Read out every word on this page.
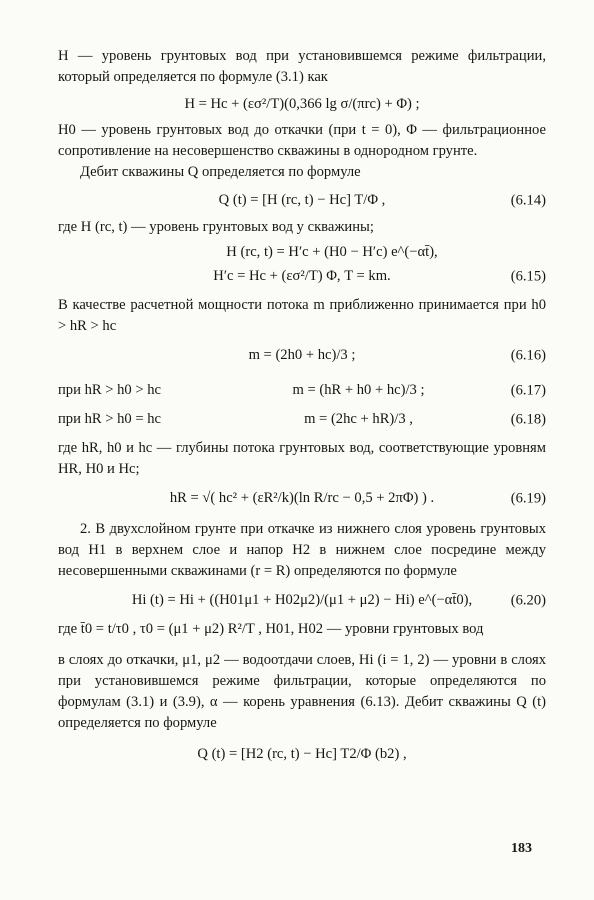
H — уровень грунтовых вод при установившемся режиме фильтрации, который определяется по формуле (3.1) как

H = Hc + (εσ²/T)(0,366 lg σ/(πrc) + Φ) ;

H0 — уровень грунтовых вод до откачки (при t = 0), Φ — фильтрационное сопротивление на несовершенство скважины в однородном грунте.

Дебит скважины Q определяется по формуле

Q (t) = [H (rc, t) − Hc] T/Φ ,	(6.14)

где H (rc, t) — уровень грунтовых вод у скважины;

H (rc, t) = H′c + (H0 − H′c) e^(−αt̄),
H′c = Hc + (εσ²/T) Φ, T = km.	(6.15)

В качестве расчетной мощности потока m приближенно принимается при h0 > hR > hc

m = (2h0 + hc)/3 ;	(6.16)
при hR > h0 > hc	m = (hR + h0 + hc)/3 ;	(6.17)
при hR > h0 = hc	m = (2hc + hR)/3 ,	(6.18)

где hR, h0 и hc — глубины потока грунтовых вод, соответствующие уровням HR, H0 и Hc;

hR = √( hc² + (εR²/k)(ln R/rc − 0,5 + 2πΦ) ) .	(6.19)

2. В двухслойном грунте при откачке из нижнего слоя уровень грунтовых вод H1 в верхнем слое и напор H2 в нижнем слое посредине между несовершенными скважинами (r = R) определяются по формуле

Hi (t) = Hi + ((H01μ1 + H02μ2)/(μ1 + μ2) − Hi) e^(−αt̄0),	(6.20)
где t̄0 = t/τ0 , τ0 = (μ1 + μ2) R²/T , H01, H02 — уровни грунтовых вод

в слоях до откачки, μ1, μ2 — водоотдачи слоев, Hi (i = 1, 2) — уровни в слоях при установившемся режиме фильтрации, которые определяются по формулам (3.1) и (3.9), α — корень уравнения (6.13). Дебит скважины Q (t) определяется по формуле

Q (t) = [H2 (rc, t) − Hc] T2/Φ (b2) ,
183
